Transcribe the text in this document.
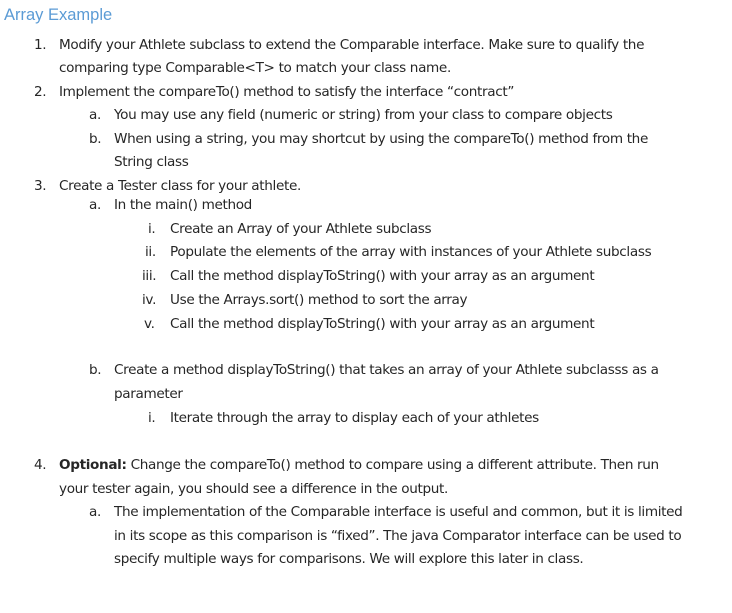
Array Example
1. Modify your Athlete subclass to extend the Comparable interface. Make sure to qualify the
comparing type Comparable<T> to match your class name.
2. Implement the compareTo() method to satisfy the interface “contract”
a. You may use any field (numeric or string) from your class to compare objects
b. When using a string, you may shortcut by using the compareTo() method from the
String class
3. Create a Tester class for your athlete.
a. In the main() method
i. Create an Array of your Athlete subclass
ii. Populate the elements of the array with instances of your Athlete subclass
iii. Call the method displayToString() with your array as an argument
iv. Use the Arrays.sort() method to sort the array
v. Call the method displayToString() with your array as an argument
b. Create a method displayToString() that takes an array of your Athlete subclasss as a
parameter
i. Iterate through the array to display each of your athletes
4. Optional: Change the compareTo() method to compare using a different attribute. Then run
your tester again, you should see a difference in the output.
a. The implementation of the Comparable interface is useful and common, but it is limited
in its scope as this comparison is “fixed”. The java Comparator interface can be used to
specify multiple ways for comparisons. We will explore this later in class.
